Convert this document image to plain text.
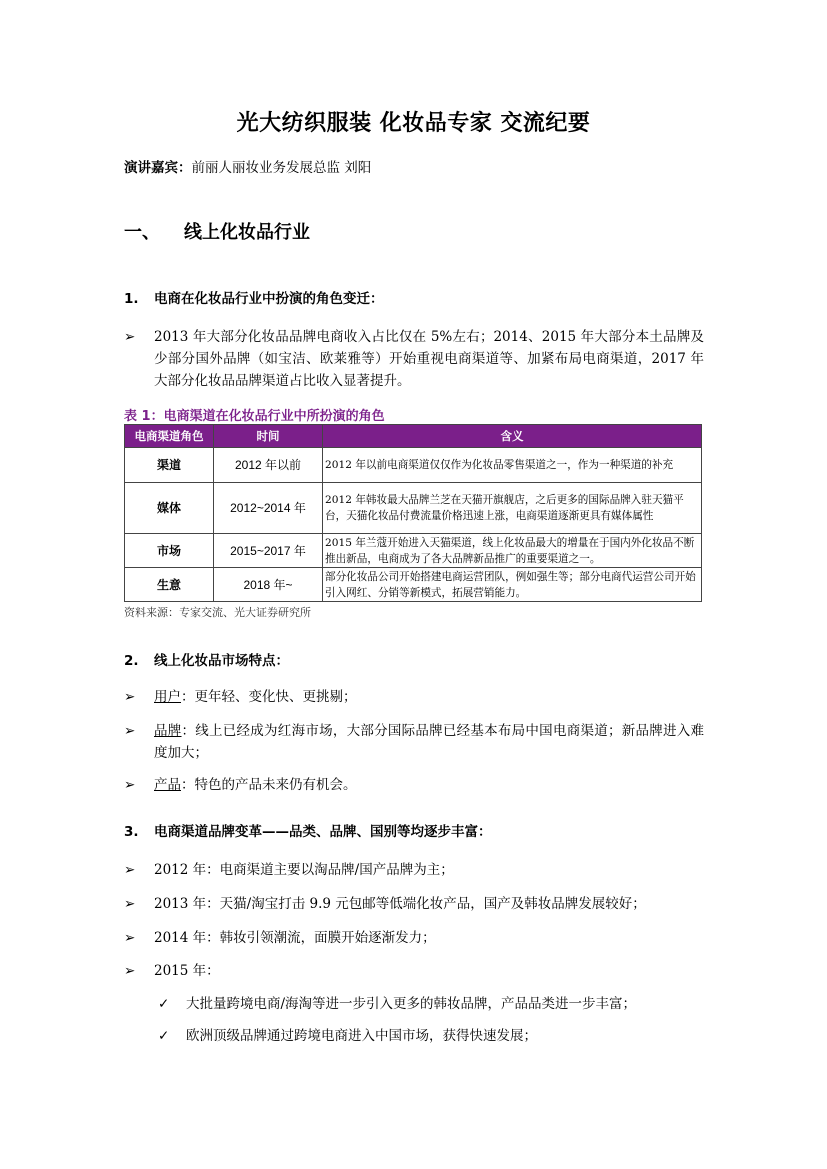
光大纺织服装 化妆品专家 交流纪要
演讲嘉宾：前丽人丽妆业务发展总监 刘阳
一、 线上化妆品行业
1. 电商在化妆品行业中扮演的角色变迁：
➢	2013 年大部分化妆品品牌电商收入占比仅在 5%左右；2014、2015 年大部分本土品牌及少部分国外品牌（如宝洁、欧莱雅等）开始重视电商渠道等、加紧布局电商渠道，2017 年大部分化妆品品牌渠道占比收入显著提升。
表 1：电商渠道在化妆品行业中所扮演的角色
电商渠道角色	时间	含义
渠道	2012 年以前	2012 年以前电商渠道仅仅作为化妆品零售渠道之一，作为一种渠道的补充
媒体	2012~2014 年	2012 年韩妆最大品牌兰芝在天猫开旗舰店，之后更多的国际品牌入驻天猫平台，天猫化妆品付费流量价格迅速上涨，电商渠道逐渐更具有媒体属性
市场	2015~2017 年	2015 年兰蔻开始进入天猫渠道，线上化妆品最大的增量在于国内外化妆品不断推出新品，电商成为了各大品牌新品推广的重要渠道之一。
生意	2018 年~	部分化妆品公司开始搭建电商运营团队，例如强生等；部分电商代运营公司开始引入网红、分销等新模式，拓展营销能力。
资料来源：专家交流、光大证券研究所
2. 线上化妆品市场特点：
➢	用户：更年轻、变化快、更挑剔；
➢	品牌：线上已经成为红海市场，大部分国际品牌已经基本布局中国电商渠道；新品牌进入难度加大；
➢	产品：特色的产品未来仍有机会。
3. 电商渠道品牌变革——品类、品牌、国别等均逐步丰富：
➢	2012 年：电商渠道主要以淘品牌/国产品牌为主；
➢	2013 年：天猫/淘宝打击 9.9 元包邮等低端化妆产品，国产及韩妆品牌发展较好；
➢	2014 年：韩妆引领潮流，面膜开始逐渐发力；
➢	2015 年：
✓ 大批量跨境电商/海淘等进一步引入更多的韩妆品牌，产品品类进一步丰富；
✓ 欧洲顶级品牌通过跨境电商进入中国市场，获得快速发展；
